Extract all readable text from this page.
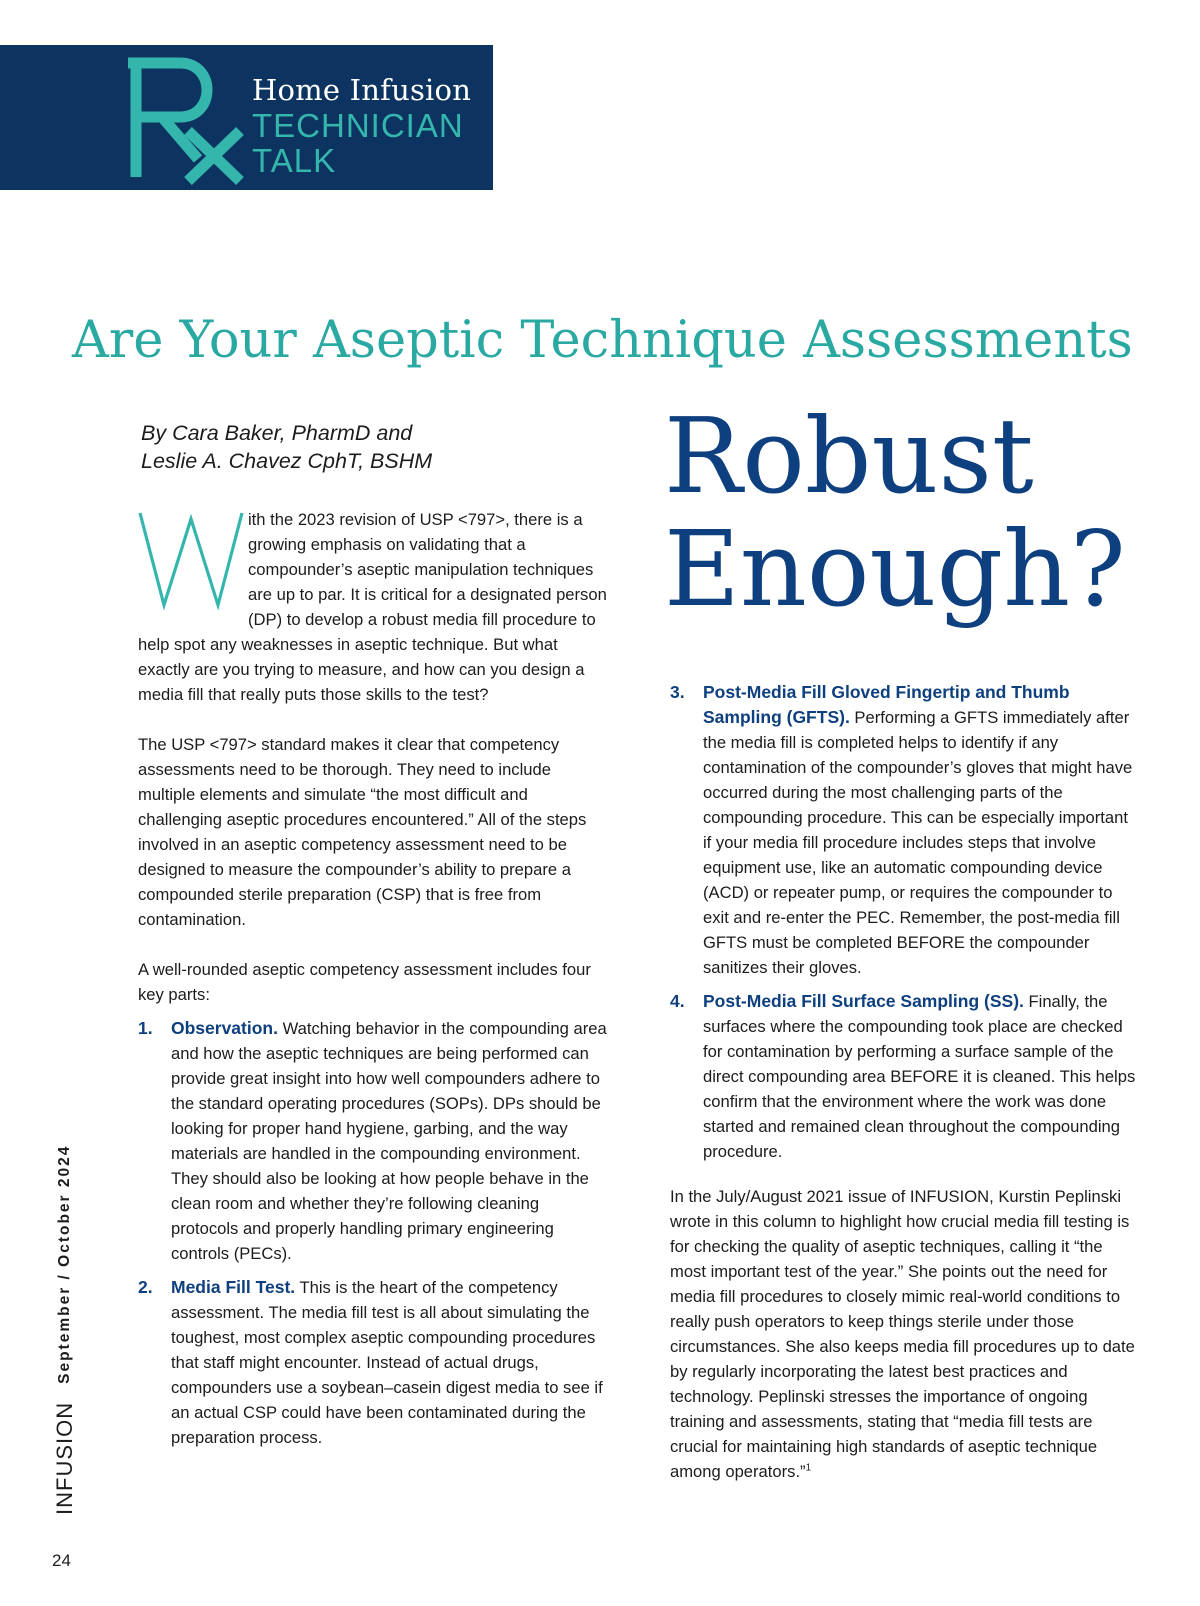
Home Infusion
TECHNICIAN
TALK
Are Your Aseptic Technique Assessments
Robust
Enough?
By Cara Baker, PharmD and
Leslie A. Chavez CphT, BSHM

ith the 2023 revision of USP <797>, there is a growing emphasis on validating that a compounder’s aseptic manipulation techniques are up to par. It is critical for a designated person (DP) to develop a robust media fill procedure to help spot any weaknesses in aseptic technique. But what exactly are you trying to measure, and how can you design a media fill that really puts those skills to the test?

The USP <797> standard makes it clear that competency assessments need to be thorough. They need to include multiple elements and simulate “the most difficult and challenging aseptic procedures encountered.” All of the steps involved in an aseptic competency assessment need to be designed to measure the compounder’s ability to prepare a compounded sterile preparation (CSP) that is free from contamination.

A well-rounded aseptic competency assessment includes four key parts:

1. Observation. Watching behavior in the compounding area and how the aseptic techniques are being performed can provide great insight into how well compounders adhere to the standard operating procedures (SOPs). DPs should be looking for proper hand hygiene, garbing, and the way materials are handled in the compounding environment. They should also be looking at how people behave in the clean room and whether they’re following cleaning protocols and properly handling primary engineering controls (PECs).
2. Media Fill Test. This is the heart of the competency assessment. The media fill test is all about simulating the toughest, most complex aseptic compounding procedures that staff might encounter. Instead of actual drugs, compounders use a soybean–casein digest media to see if an actual CSP could have been contaminated during the preparation process.
3. Post-Media Fill Gloved Fingertip and Thumb Sampling (GFTS). Performing a GFTS immediately after the media fill is completed helps to identify if any contamination of the compounder’s gloves that might have occurred during the most challenging parts of the compounding procedure. This can be especially important if your media fill procedure includes steps that involve equipment use, like an automatic compounding device (ACD) or repeater pump, or requires the compounder to exit and re-enter the PEC. Remember, the post-media fill GFTS must be completed BEFORE the compounder sanitizes their gloves.
4. Post-Media Fill Surface Sampling (SS). Finally, the surfaces where the compounding took place are checked for contamination by performing a surface sample of the direct compounding area BEFORE it is cleaned. This helps confirm that the environment where the work was done started and remained clean throughout the compounding procedure.

In the July/August 2021 issue of INFUSION, Kurstin Peplinski wrote in this column to highlight how crucial media fill testing is for checking the quality of aseptic techniques, calling it “the most important test of the year.” She points out the need for media fill procedures to closely mimic real-world conditions to really push operators to keep things sterile under those circumstances. She also keeps media fill procedures up to date by regularly incorporating the latest best practices and technology. Peplinski stresses the importance of ongoing training and assessments, stating that “media fill tests are crucial for maintaining high standards of aseptic technique among operators.”$^1$

INFUSION
September / October 2024
24
